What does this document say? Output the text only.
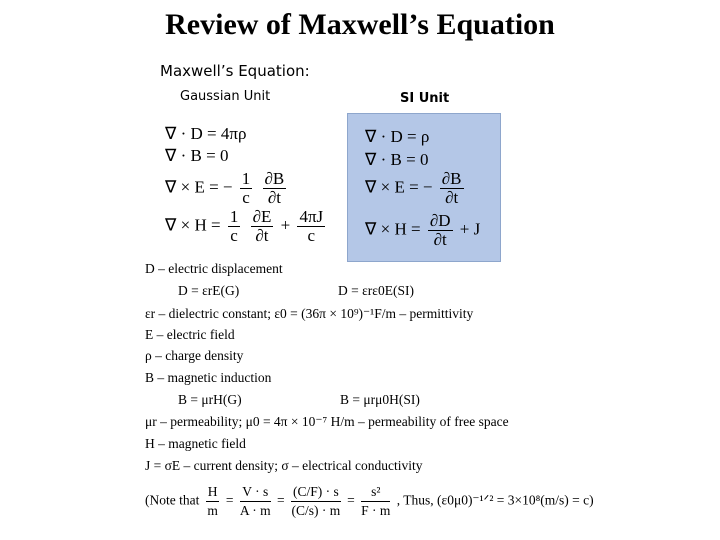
Review of Maxwell’s Equation
Maxwell’s Equation:
Gaussian Unit	SI Unit
∇ · D = 4πρ
∇ · B = 0
∇ × E = − $\frac{1}{c}$
$\frac{\partial B}{\partial t}$
∇ × $H = \frac{1}{c}$
$\frac{\partial E}{\partial t} + \frac{4\pi J}{c}$
∇ · D = ρ
∇ · B = 0
∇ × E = − $\frac{\partial B}{\partial t}$
∇ × $H = \frac{\partial D}{\partial t} + J$
D – electric displacement
D = εrE(G)	D = εrε0E(SI)
εr – dielectric constant; ε0 = (36π × 10⁹)⁻¹F/m – permittivity
E – electric field
ρ – charge density
B – magnetic induction
B = μrH(G)	B = μrμ0H(SI)
μr – permeability; μ0 = 4π × 10⁻⁷ H/m – permeability of free space
H – magnetic field
J = σE – current density; σ – electrical conductivity
(Note that $\frac{H}{m} = \frac{V \cdot s}{A \cdot m} = \frac{(C/F) \cdot s}{(C/s) \cdot m} = \frac{\text{s²}}{F \cdot m}$ , Thus, (ε0μ0)⁻¹ᐟ² = 3×10⁸(m/s) = c)
